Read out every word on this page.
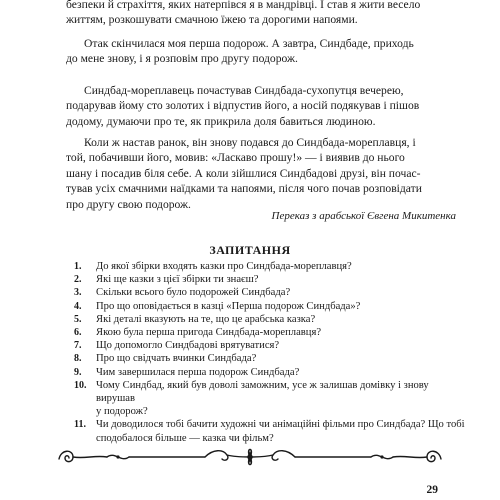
безпеки й страхіття, яких натерпівся я в мандрівці. І став я жити весело
життям, розкошувати смачною їжею та дорогими напоями.

Отак скінчилася моя перша подорож. А завтра, Синдбаде, приходь
до мене знову, і я розповім про другу подорож.

Синдбад-мореплавець почастував Синдбада-сухопутця вечерею,
подарував йому сто золотих і відпустив його, а носій подякував і пішов
додому, думаючи про те, як прикрила доля бавиться людиною.

Коли ж настав ранок, він знову подався до Синдбада-мореплавця, і
той, побачивши його, мовив: «Ласкаво прошу!» — і виявив до нього
шану і посадив біля себе. А коли зійшлися Синдбадові друзі, він почас-
тував усіх смачними наїдками та напоями, після чого почав розповідати
про другу свою подорож.

Переказ з арабської Євгена Микитенка
ЗАПИТАННЯ
1.	До якої збірки входять казки про Синдбада-мореплавця?
2.	Які ще казки з цієї збірки ти знаєш?
3.	Скільки всього було подорожей Синдбада?
4.	Про що оповідається в казці «Перша подорож Синдбада»?
5.	Які деталі вказують на те, що це арабська казка?
6.	Якою була перша пригода Синдбада-мореплавця?
7.	Що допомогло Синдбадові врятуватися?
8.	Про що свідчать вчинки Синдбада?
9.	Чим завершилася перша подорож Синдбада?
10. Чому Синдбад, який був доволі заможним, усе ж залишав домівку і знову вирушав
у подорож?
11. Чи доводилося тобі бачити художні чи анімаційні фільми про Синдбада? Що тобі
сподобалося більше — казка чи фільм?
29
